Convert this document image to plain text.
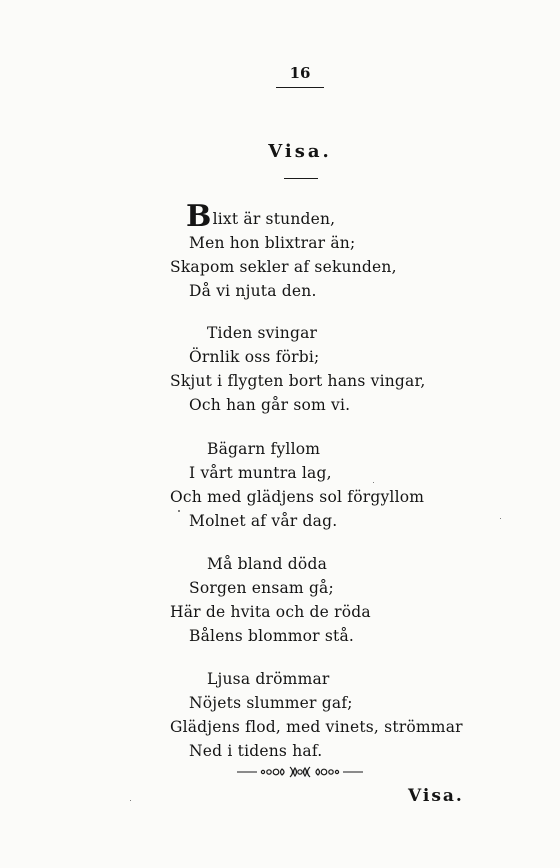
16
Visa.
Blixt är stunden,
Men hon blixtrar än;
Skapom sekler af sekunden,
Då vi njuta den.
Tiden svingar
Örnlik oss förbi;
Skjut i flygten bort hans vingar,
Och han går som vi.
Bägarn fyllom
I vårt muntra lag,
Och med glädjens sol förgyllom
Molnet af vår dag.
Må bland döda
Sorgen ensam gå;
Här de hvita och de röda
Bålens blommor stå.
Ljusa drömmar
Nöjets slummer gaf;
Glädjens flod, med vinets, strömmar
Ned i tidens haf.
Visa.
